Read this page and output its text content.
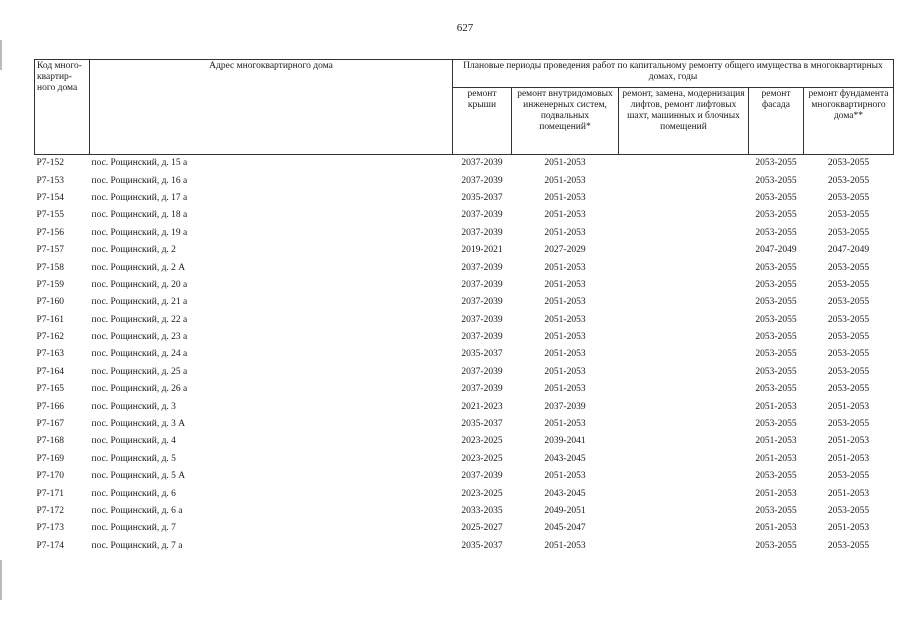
627
Код много-квартир-ного дома	Адрес многоквартирного дома	Плановые периоды проведения работ по капитальному ремонту общего имущества в многоквартирных домах, годы				
		ремонт крыши	ремонт внутридомовых инженерных систем, подвальных помещений*	ремонт, замена, модернизация лифтов, ремонт лифтовых шахт, машинных и блочных помещений	ремонт фасада	ремонт фундамента многоквартирного дома**
Р7-152	пос. Рощинский, д. 15 а	2037-2039	2051-2053		2053-2055	2053-2055
Р7-153	пос. Рощинский, д. 16 а	2037-2039	2051-2053		2053-2055	2053-2055
Р7-154	пос. Рощинский, д. 17 а	2035-2037	2051-2053		2053-2055	2053-2055
Р7-155	пос. Рощинский, д. 18 а	2037-2039	2051-2053		2053-2055	2053-2055
Р7-156	пос. Рощинский, д. 19 а	2037-2039	2051-2053		2053-2055	2053-2055
Р7-157	пос. Рощинский, д. 2	2019-2021	2027-2029		2047-2049	2047-2049
Р7-158	пос. Рощинский, д. 2 А	2037-2039	2051-2053		2053-2055	2053-2055
Р7-159	пос. Рощинский, д. 20 а	2037-2039	2051-2053		2053-2055	2053-2055
Р7-160	пос. Рощинский, д. 21 а	2037-2039	2051-2053		2053-2055	2053-2055
Р7-161	пос. Рощинский, д. 22 а	2037-2039	2051-2053		2053-2055	2053-2055
Р7-162	пос. Рощинский, д. 23 а	2037-2039	2051-2053		2053-2055	2053-2055
Р7-163	пос. Рощинский, д. 24 а	2035-2037	2051-2053		2053-2055	2053-2055
Р7-164	пос. Рощинский, д. 25 а	2037-2039	2051-2053		2053-2055	2053-2055
Р7-165	пос. Рощинский, д. 26 а	2037-2039	2051-2053		2053-2055	2053-2055
Р7-166	пос. Рощинский, д. 3	2021-2023	2037-2039		2051-2053	2051-2053
Р7-167	пос. Рощинский, д. 3 А	2035-2037	2051-2053		2053-2055	2053-2055
Р7-168	пос. Рощинский, д. 4	2023-2025	2039-2041		2051-2053	2051-2053
Р7-169	пос. Рощинский, д. 5	2023-2025	2043-2045		2051-2053	2051-2053
Р7-170	пос. Рощинский, д. 5 А	2037-2039	2051-2053		2053-2055	2053-2055
Р7-171	пос. Рощинский, д. 6	2023-2025	2043-2045		2051-2053	2051-2053
Р7-172	пос. Рощинский, д. 6 а	2033-2035	2049-2051		2053-2055	2053-2055
Р7-173	пос. Рощинский, д. 7	2025-2027	2045-2047		2051-2053	2051-2053
Р7-174	пос. Рощинский, д. 7 а	2035-2037	2051-2053		2053-2055	2053-2055
